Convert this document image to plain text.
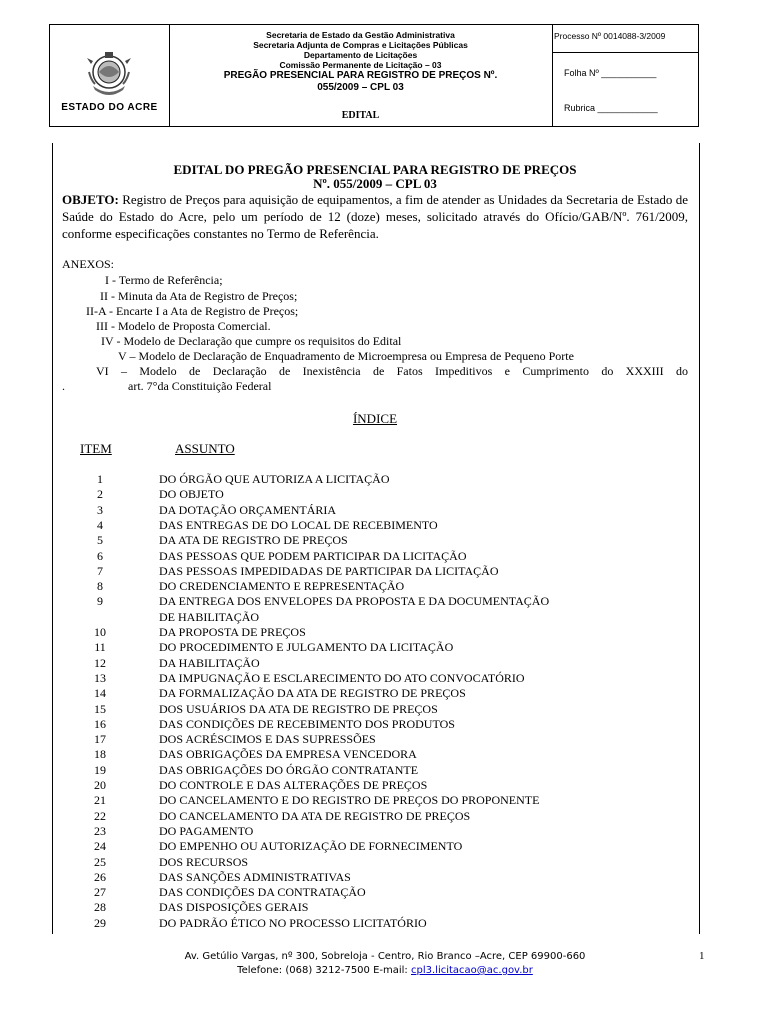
ESTADO DO ACRE
Secretaria de Estado da Gestão Administrativa
Secretaria Adjunta de Compras e Licitações Públicas
Departamento de Licitações
Comissão Permanente de Licitação – 03
PREGÃO PRESENCIAL PARA REGISTRO DE PREÇOS Nº.
055/2009 – CPL 03
EDITAL
Processo Nº 0014088-3/2009
Folha Nº ___________
Rubrica ____________
EDITAL DO PREGÃO PRESENCIAL PARA REGISTRO DE PREÇOS
Nº. 055/2009 – CPL 03
OBJETO: Registro de Preços para aquisição de equipamentos, a fim de atender as Unidades da Secretaria de Estado de Saúde do Estado do Acre, pelo um período de 12 (doze) meses, solicitado através do Ofício/GAB/Nº. 761/2009, conforme especificações constantes no Termo de Referência.
ANEXOS:
I - Termo de Referência;
II - Minuta da Ata de Registro de Preços;
II-A - Encarte I a Ata de Registro de Preços;
III - Modelo de Proposta Comercial.
IV - Modelo de Declaração que cumpre os requisitos do Edital
V – Modelo de Declaração de Enquadramento de Microempresa ou Empresa de Pequeno Porte
VI – Modelo de Declaração de Inexistência de Fatos Impeditivos e Cumprimento do XXXIII do
.	art. 7°da Constituição Federal
ÍNDICE
ITEM	ASSUNTO
1	DO ÓRGÃO QUE AUTORIZA A LICITAÇÃO
2	DO OBJETO
3	DA DOTAÇÃO ORÇAMENTÁRIA
4	DAS ENTREGAS DE DO LOCAL DE RECEBIMENTO
5	DA ATA DE REGISTRO DE PREÇOS
6	DAS PESSOAS QUE PODEM PARTICIPAR DA LICITAÇÃO
7	DAS PESSOAS IMPEDIDADAS DE PARTICIPAR DA LICITAÇÃO
8	DO CREDENCIAMENTO E REPRESENTAÇÃO
9	DA ENTREGA DOS ENVELOPES DA PROPOSTA E DA DOCUMENTAÇÃO
DE HABILITAÇÃO
10	DA PROPOSTA DE PREÇOS
11	DO PROCEDIMENTO E JULGAMENTO DA LICITAÇÃO
12	DA HABILITAÇÃO
13	DA IMPUGNAÇÃO E ESCLARECIMENTO DO ATO CONVOCATÓRIO
14	DA FORMALIZAÇÃO DA ATA DE REGISTRO DE PREÇOS
15	DOS USUÁRIOS DA ATA DE REGISTRO DE PREÇOS
16	DAS CONDIÇÕES DE RECEBIMENTO DOS PRODUTOS
17	DOS ACRÉSCIMOS E DAS SUPRESSÕES
18	DAS OBRIGAÇÕES DA EMPRESA VENCEDORA
19	DAS OBRIGAÇÕES DO ÓRGÃO CONTRATANTE
20	DO CONTROLE E DAS ALTERAÇÕES DE PREÇOS
21	DO CANCELAMENTO E DO REGISTRO DE PREÇOS DO PROPONENTE
22	DO CANCELAMENTO DA ATA DE REGISTRO DE PREÇOS
23	DO PAGAMENTO
24	DO EMPENHO OU AUTORIZAÇÃO DE FORNECIMENTO
25	DOS RECURSOS
26	DAS SANÇÕES ADMINISTRATIVAS
27	DAS CONDIÇÕES DA CONTRATAÇÃO
28	DAS DISPOSIÇÕES GERAIS
29	DO PADRÃO ÉTICO NO PROCESSO LICITATÓRIO
Av. Getúlio Vargas, nº 300, Sobreloja - Centro, Rio Branco –Acre, CEP 69900-660
Telefone: (068) 3212-7500 E-mail: cpl3.licitacao@ac.gov.br
1
